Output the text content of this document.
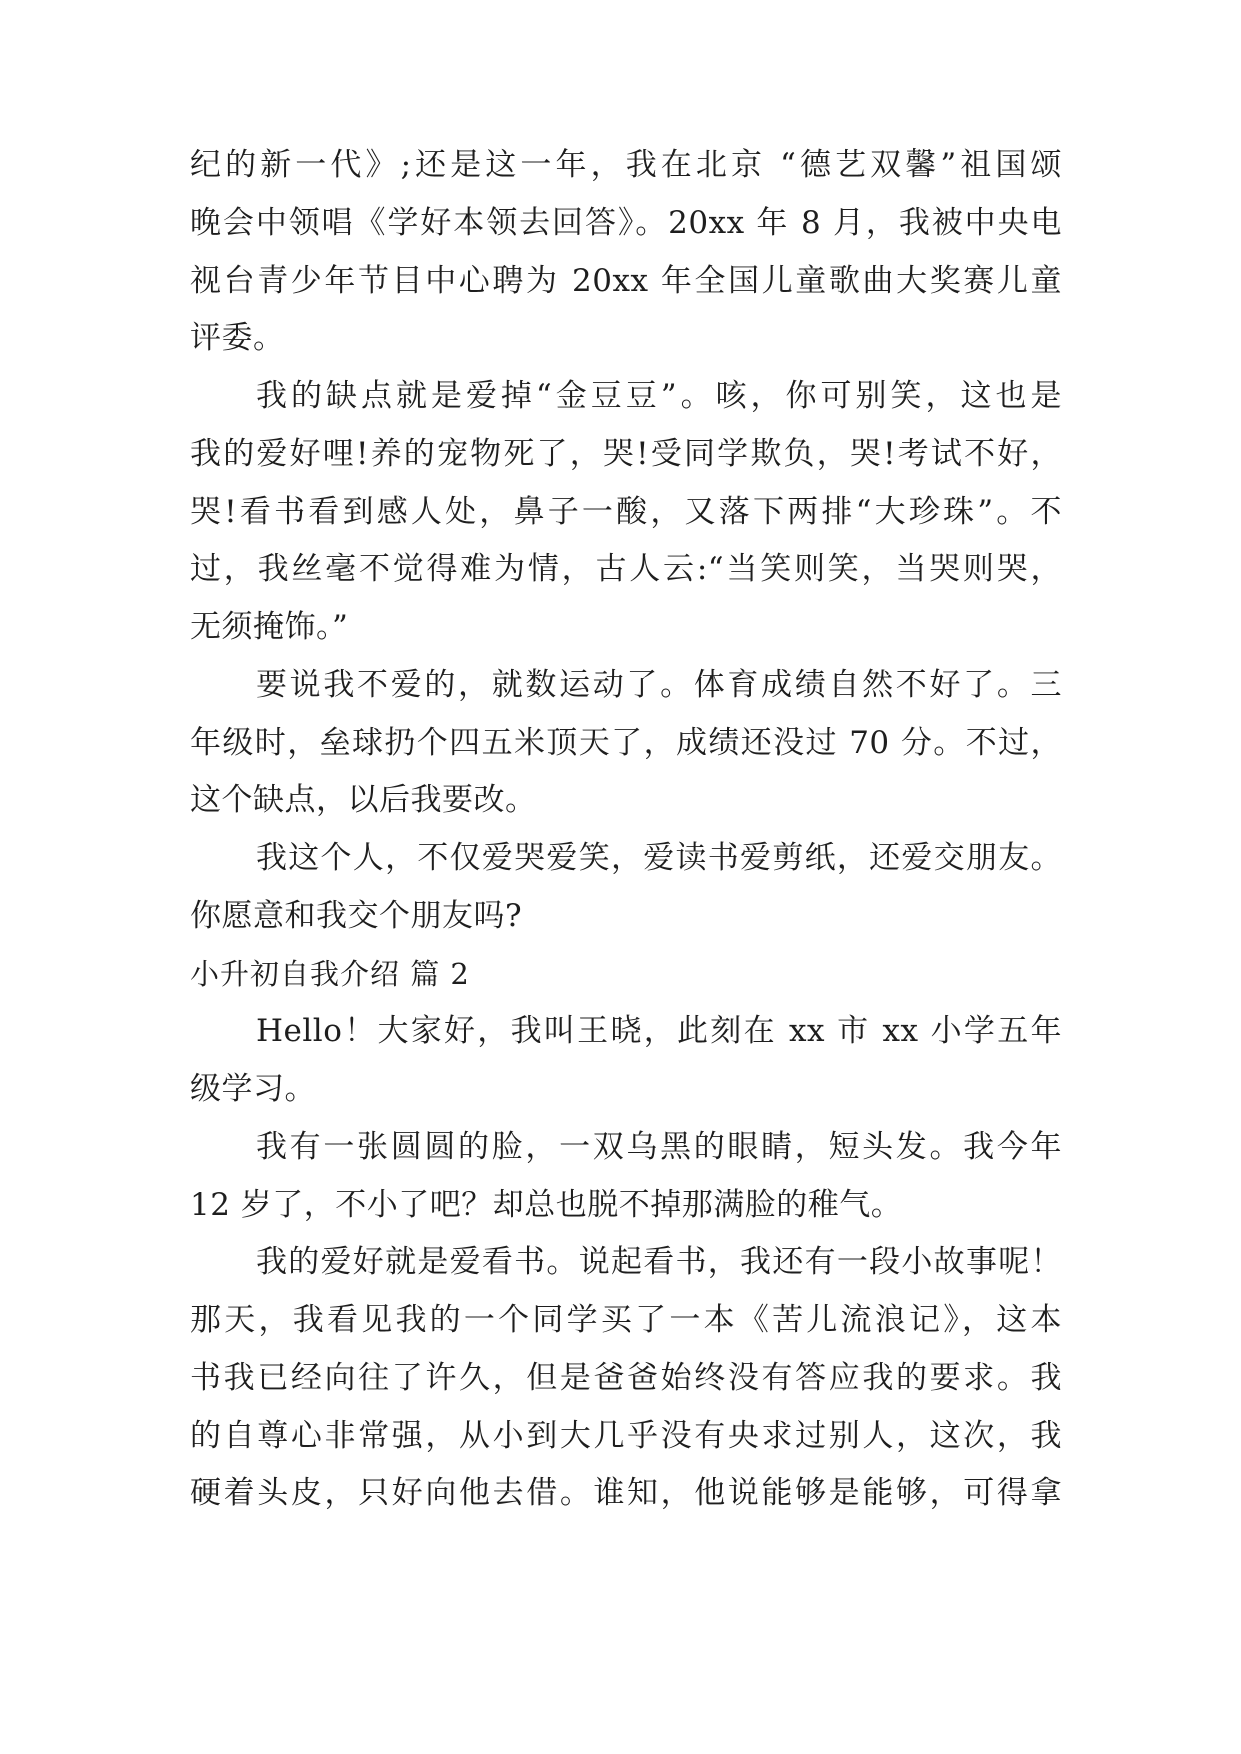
纪的新一代》;还是这一年，我在北京 “德艺双馨”祖国颂
晚会中领唱《学好本领去回答》。20xx 年 8 月，我被中央电
视台青少年节目中心聘为 20xx 年全国儿童歌曲大奖赛儿童
评委。
我的缺点就是爱掉“金豆豆”。咳，你可别笑，这也是
我的爱好哩!养的宠物死了，哭!受同学欺负，哭!考试不好，
哭!看书看到感人处，鼻子一酸，又落下两排“大珍珠”。不
过，我丝毫不觉得难为情，古人云:“当笑则笑，当哭则哭，
无须掩饰。”
要说我不爱的，就数运动了。体育成绩自然不好了。三
年级时，垒球扔个四五米顶天了，成绩还没过 70 分。不过，
这个缺点，以后我要改。
我这个人，不仅爱哭爱笑，爱读书爱剪纸，还爱交朋友。
你愿意和我交个朋友吗?
小升初自我介绍 篇 2
Hello！大家好，我叫王晓，此刻在 xx 市 xx 小学五年
级学习。
我有一张圆圆的脸，一双乌黑的眼睛，短头发。我今年
12 岁了，不小了吧？却总也脱不掉那满脸的稚气。
我的爱好就是爱看书。说起看书，我还有一段小故事呢！
那天，我看见我的一个同学买了一本《苦儿流浪记》，这本
书我已经向往了许久，但是爸爸始终没有答应我的要求。我
的自尊心非常强，从小到大几乎没有央求过别人，这次，我
硬着头皮，只好向他去借。谁知，他说能够是能够，可得拿
